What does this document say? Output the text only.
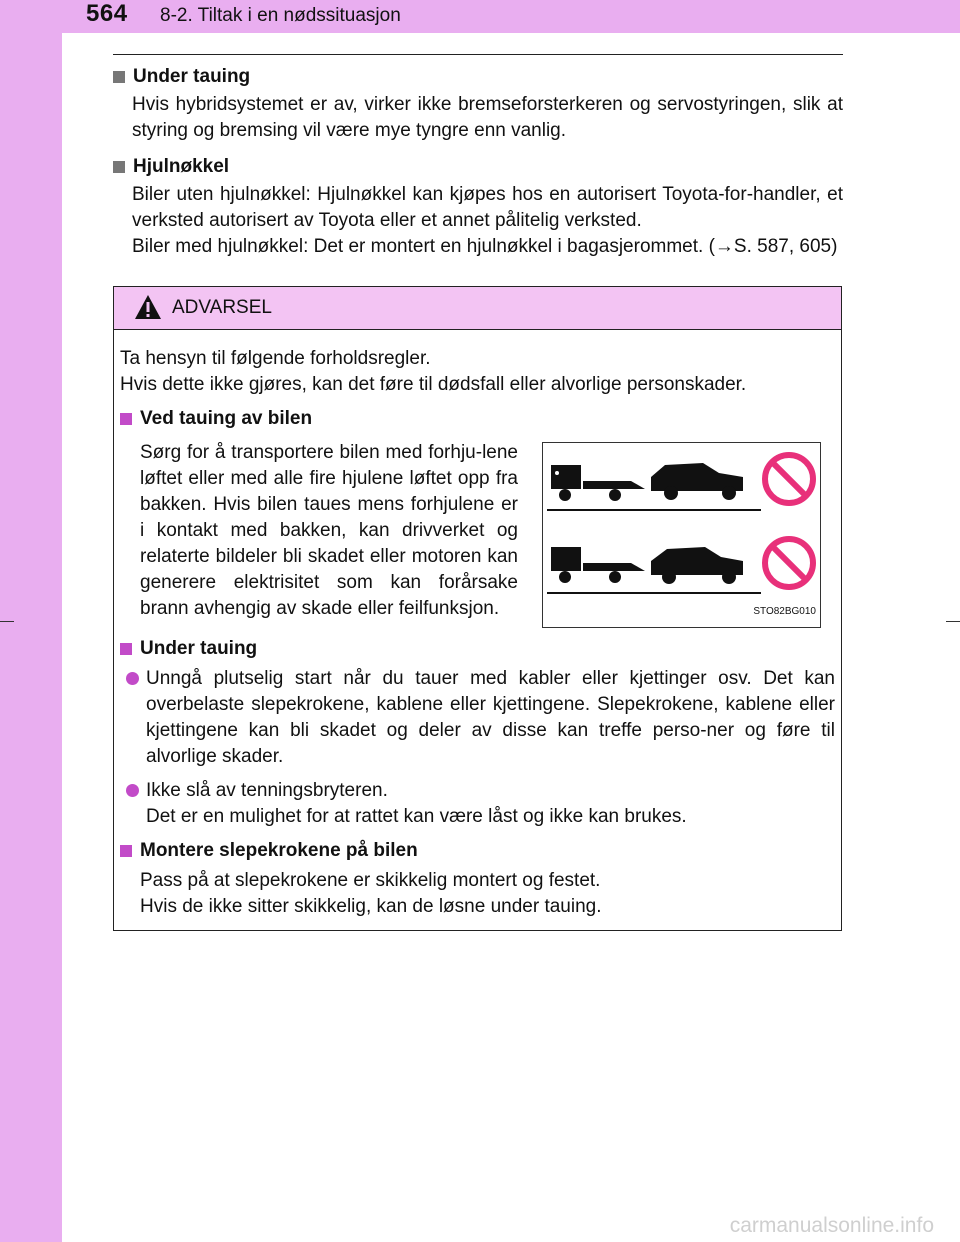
564 8-2. Tiltak i en nødssituasjon
Under tauing

Hvis hybridsystemet er av, virker ikke bremseforsterkeren og servostyringen, slik at styring og bremsing vil være mye tyngre enn vanlig.

Hjulnøkkel

Biler uten hjulnøkkel: Hjulnøkkel kan kjøpes hos en autorisert Toyota-for-handler, et verksted autorisert av Toyota eller et annet pålitelig verksted.

Biler med hjulnøkkel: Det er montert en hjulnøkkel i bagasjerommet. (→S. 587, 605)

ADVARSEL

Ta hensyn til følgende forholdsregler.

Hvis dette ikke gjøres, kan det føre til dødsfall eller alvorlige personskader.

Ved tauing av bilen
Sørg for å transportere bilen med forhju-lene løftet eller med alle fire hjulene løftet opp fra bakken. Hvis bilen taues mens forhjulene er i kontakt med bakken, kan drivverket og relaterte bildeler bli skadet eller motoren kan generere elektrisitet som kan forårsake brann avhengig av skade eller feilfunksjon.	STO82BG010
Under tauing
Unngå plutselig start når du tauer med kabler eller kjettinger osv. Det kan overbelaste slepekrokene, kablene eller kjettingene. Slepekrokene, kablene eller kjettingene kan bli skadet og deler av disse kan treffe perso-ner og føre til alvorlige skader.
Ikke slå av tenningsbryteren.
Det er en mulighet for at rattet kan være låst og ikke kan brukes.
Montere slepekrokene på bilen

Pass på at slepekrokene er skikkelig montert og festet.

Hvis de ikke sitter skikkelig, kan de løsne under tauing.

carmanualsonline.info
